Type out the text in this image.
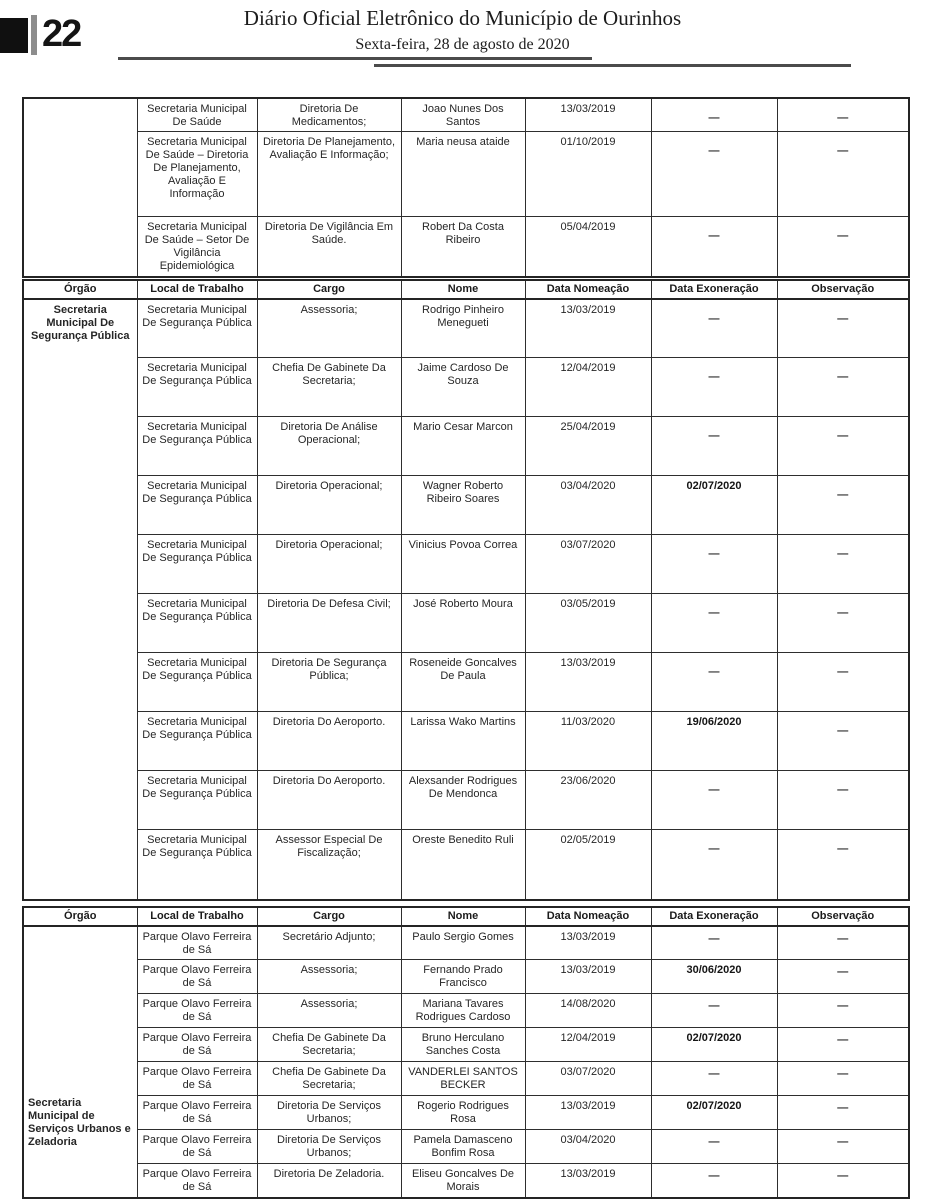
22	Diário Oficial Eletrônico do Município de Ourinhos
Sexta-feira, 28 de agosto de 2020
	Secretaria Municipal De Saúde	Diretoria De Medicamentos;	Joao Nunes Dos Santos	13/03/2019	—	—
	Secretaria Municipal De Saúde – Diretoria De Planejamento, Avaliação E Informação	Diretoria De Planejamento, Avaliação E Informação;	Maria neusa ataide	01/10/2019	—	—
	Secretaria Municipal De Saúde – Setor De Vigilância Epidemiológica	Diretoria De Vigilância Em Saúde.	Robert Da Costa Ribeiro	05/04/2019	—	—
Órgão	Local de Trabalho	Cargo	Nome	Data Nomeação	Data Exoneração	Observação
Secretaria Municipal De Segurança Pública	Secretaria Municipal De Segurança Pública	Assessoria;	Rodrigo Pinheiro Menegueti	13/03/2019	—	—
	Secretaria Municipal De Segurança Pública	Chefia De Gabinete Da Secretaria;	Jaime Cardoso De Souza	12/04/2019	—	—
	Secretaria Municipal De Segurança Pública	Diretoria De Análise Operacional;	Mario Cesar Marcon	25/04/2019	—	—
	Secretaria Municipal De Segurança Pública	Diretoria Operacional;	Wagner Roberto Ribeiro Soares	03/04/2020	02/07/2020	—
	Secretaria Municipal De Segurança Pública	Diretoria Operacional;	Vinicius Povoa Correa	03/07/2020	—	—
	Secretaria Municipal De Segurança Pública	Diretoria De Defesa Civil;	José Roberto Moura	03/05/2019	—	—
	Secretaria Municipal De Segurança Pública	Diretoria De Segurança Pública;	Roseneide Goncalves De Paula	13/03/2019	—	—
	Secretaria Municipal De Segurança Pública	Diretoria Do Aeroporto.	Larissa Wako Martins	11/03/2020	19/06/2020	—
	Secretaria Municipal De Segurança Pública	Diretoria Do Aeroporto.	Alexsander Rodrigues De Mendonca	23/06/2020	—	—
	Secretaria Municipal De Segurança Pública	Assessor Especial De Fiscalização;	Oreste Benedito Ruli	02/05/2019	—	—
Órgão	Local de Trabalho	Cargo	Nome	Data Nomeação	Data Exoneração	Observação
Secretaria Municipal de Serviços Urbanos e Zeladoria	Parque Olavo Ferreira de Sá	Secretário Adjunto;	Paulo Sergio Gomes	13/03/2019	—	—
	Parque Olavo Ferreira de Sá	Assessoria;	Fernando Prado Francisco	13/03/2019	30/06/2020	—
	Parque Olavo Ferreira de Sá	Assessoria;	Mariana Tavares Rodrigues Cardoso	14/08/2020	—	—
	Parque Olavo Ferreira de Sá	Chefia De Gabinete Da Secretaria;	Bruno Herculano Sanches Costa	12/04/2019	02/07/2020	—
	Parque Olavo Ferreira de Sá	Chefia De Gabinete Da Secretaria;	VANDERLEI SANTOS BECKER	03/07/2020	—	—
	Parque Olavo Ferreira de Sá	Diretoria De Serviços Urbanos;	Rogerio Rodrigues Rosa	13/03/2019	02/07/2020	—
	Parque Olavo Ferreira de Sá	Diretoria De Serviços Urbanos;	Pamela Damasceno Bonfim Rosa	03/04/2020	—	—
	Parque Olavo Ferreira de Sá	Diretoria De Zeladoria.	Eliseu Goncalves De Morais	13/03/2019	—	—
